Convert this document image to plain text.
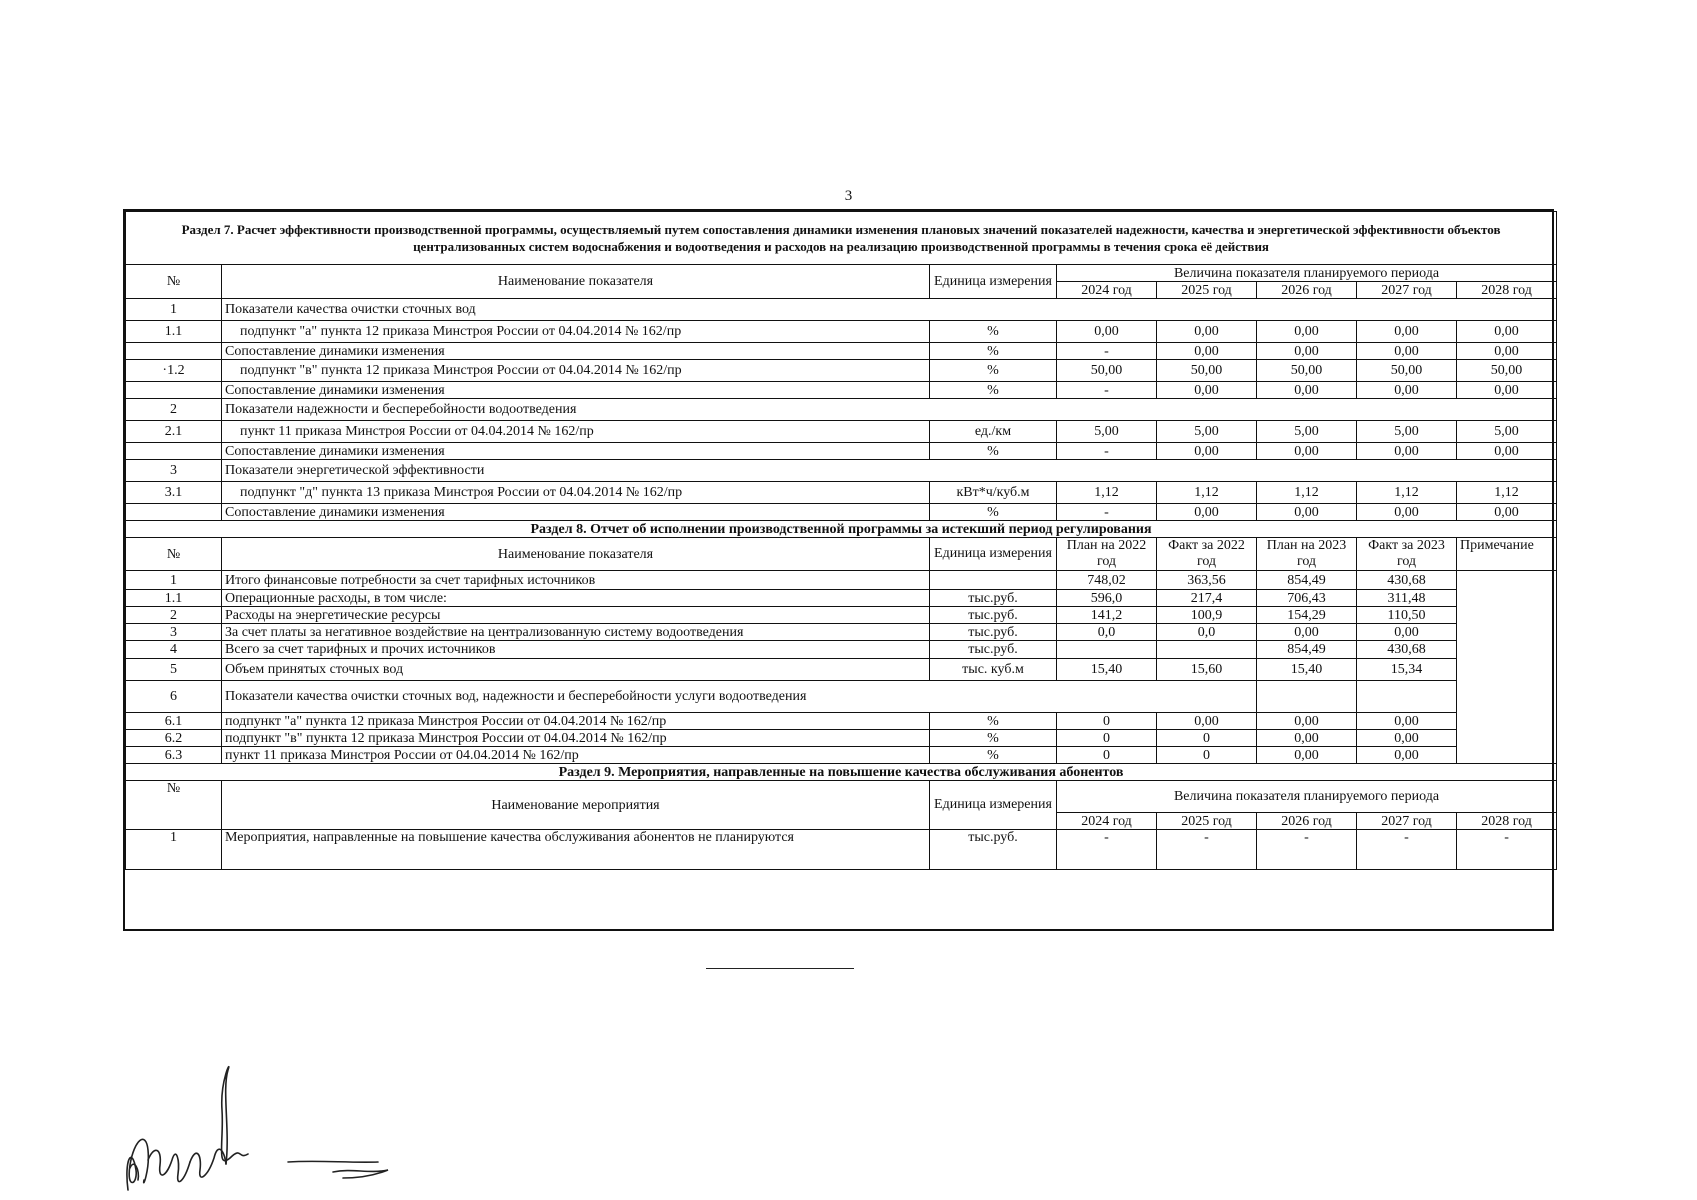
3
Раздел 7. Расчет эффективности производственной программы, осуществляемый путем сопоставления динамики изменения плановых значений показателей надежности, качества и энергетической эффективности объектов централизованных систем водоснабжения и водоотведения и расходов на реализацию производственной программы в течения срока её действия							
№	Наименование показателя	Единица измерения	Величина показателя планируемого периода				
			2024 год	2025 год	2026 год	2027 год	2028 год
1	Показатели качества очистки сточных вод						
1.1	подпункт "а" пункта 12 приказа Минстроя России от 04.04.2014 № 162/пр	%	0,00	0,00	0,00	0,00	0,00
	Сопоставление динамики изменения	%	-	0,00	0,00	0,00	0,00
·1.2	подпункт "в" пункта 12 приказа Минстроя России от 04.04.2014 № 162/пр	%	50,00	50,00	50,00	50,00	50,00
	Сопоставление динамики изменения	%	-	0,00	0,00	0,00	0,00
2	Показатели надежности и бесперебойности водоотведения						
2.1	пункт 11 приказа Минстроя России от 04.04.2014 № 162/пр	ед./км	5,00	5,00	5,00	5,00	5,00
	Сопоставление динамики изменения	%	-	0,00	0,00	0,00	0,00
3	Показатели энергетической эффективности						
3.1	подпункт "д" пункта 13 приказа Минстроя России от 04.04.2014 № 162/пр	кВт*ч/куб.м	1,12	1,12	1,12	1,12	1,12
	Сопоставление динамики изменения	%	-	0,00	0,00	0,00	0,00
Раздел 8. Отчет об исполнении производственной программы за истекший период регулирования							
№	Наименование показателя	Единица измерения	План на 2022 год	Факт за 2022 год	План на 2023 год	Факт за 2023 год	Примечание
1	Итого финансовые потребности за счет тарифных источников		748,02	363,56	854,49	430,68	
1.1	Операционные расходы, в том числе:	тыс.руб.	596,0	217,4	706,43	311,48	
2	Расходы на энергетические ресурсы	тыс.руб.	141,2	100,9	154,29	110,50	
3	За счет платы за негативное воздействие на централизованную систему водоотведения	тыс.руб.	0,0	0,0	0,00	0,00	
4	Всего за счет тарифных и прочих источников	тыс.руб.			854,49	430,68	
5	Объем принятых сточных вод	тыс. куб.м	15,40	15,60	15,40	15,34	
6	Показатели качества очистки сточных вод, надежности и бесперебойности услуги водоотведения						
6.1	подпункт "а" пункта 12 приказа Минстроя России от 04.04.2014 № 162/пр	%	0	0,00	0,00	0,00	
6.2	подпункт "в" пункта 12 приказа Минстроя России от 04.04.2014 № 162/пр	%	0	0	0,00	0,00	
6.3	пункт 11 приказа Минстроя России от 04.04.2014 № 162/пр	%	0	0	0,00	0,00	
Раздел 9. Мероприятия, направленные на повышение качества обслуживания абонентов							
№	Наименование мероприятия	Единица измерения	Величина показателя планируемого периода				
			2024 год	2025 год	2026 год	2027 год	2028 год
1	Мероприятия, направленные на повышение качества обслуживания абонентов не планируются	тыс.руб.	-	-	-	-	-
